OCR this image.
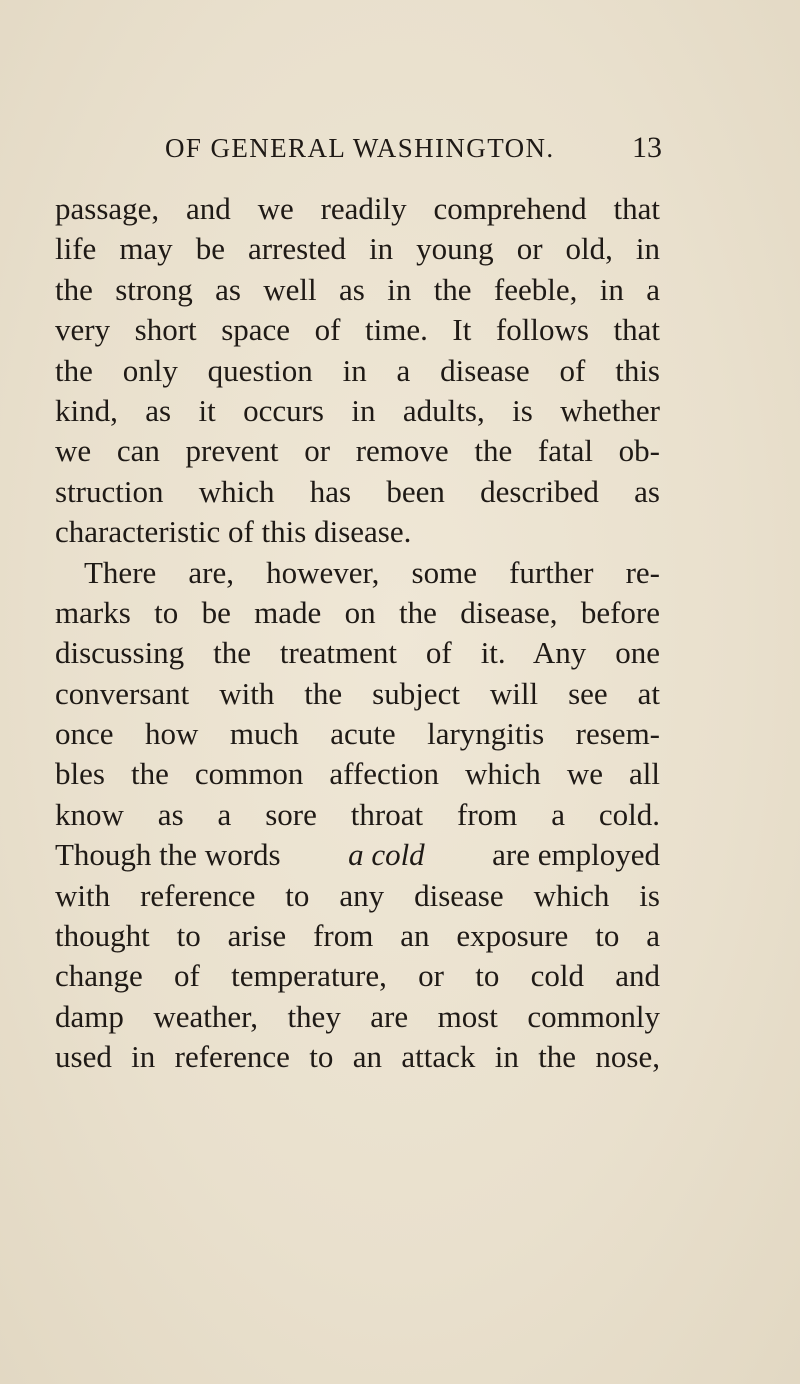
OF GENERAL WASHINGTON.	13
passage, and we readily comprehend that
life may be arrested in young or old, in
the strong as well as in the feeble, in a
very short space of time. It follows that
the only question in a disease of this
kind, as it occurs in adults, is whether
we can prevent or remove the fatal ob-
struction which has been described as
characteristic of this disease.
There are, however, some further re-
marks to be made on the disease, before
discussing the treatment of it. Any one
conversant with the subject will see at
once how much acute laryngitis resem-
bles the common affection which we all
know as a sore throat from a cold.
Though the words a cold are employed
with reference to any disease which is
thought to arise from an exposure to a
change of temperature, or to cold and
damp weather, they are most commonly
used in reference to an attack in the nose,
